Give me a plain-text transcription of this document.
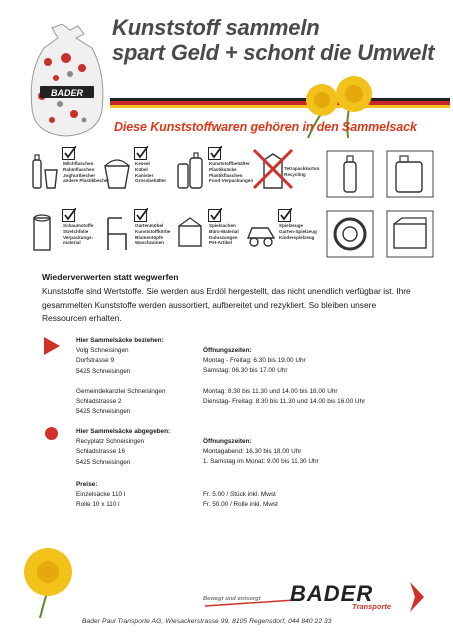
Kunststoff sammeln
spart Geld + schont die Umwelt
BADER
Diese Kunststoffwaren gehören in den Sammelsack
Milchflaschen
Rahmflaschen
Joghurtbecher
andere Plastikbecher
Kessel
Kübel
Kanister
Grossbehälter
Kunststoffbehälter
Plastiksäcke
Plastikflaschen
Food-Verpackungen
Tetrapackkarton
Recycling
Schaumstoffe
Stretchfolie
Verpackungs-
material
Gartenmöbel
Kunststoffkörbe
Blumentöpfe
Waschzainen
Spielsachen
Büro-Material
Duloszangen
Pet-Artikel
Spielzeuge
Garten-Spielzeug
Kinderspielzeug
Wiederverwerten statt wegwerfen
Kunststoffe sind Wertstoffe. Sie werden aus Erdöl hergestellt, das nicht unendlich verfügbar ist. Ihre gesammelten Kunststoffe werden aussortiert, aufbereitet und rezykliert. So bleiben unsere Ressourcen erhalten.
Hier Sammelsäcke beziehen:
Volg Schneisingen
Dorfstrasse 9
5425 Schneisingen

Gemeindekanzlei Schneisingen
Schladstrasse 2
5425 Schneisingen
Öffnungszeiten:
Montag - Freitag: 6.30 bis 19.00 Uhr
Samstag: 06.30 bis 17.00 Uhr

Montag: 8.30 bis 11.30 und 14.00 bis 18.00 Uhr
Dienstag- Freitag: 8.30 bis 11.30 und 14.00 bis 16.00 Uhr
Hier Sammelsäcke abgegeben:
Recyplatz Schneisingen
Schladstrasse 16
5425 Schneisingen
Öffnungszeiten:
Montagabend: 16.30 bis 18.00 Uhr
1. Samstag im Monat: 9.00 bis 11.30 Uhr
Preise:
Einzelsäcke 110 l
Rolle 10 x 110 l
Fr. 5.00 / Stück inkl. Mwst
Fr. 50.00 / Rolle inkl. Mwst
Bewegt und entsorgt BADER
Transporte
Bader Paul Transporte AG, Wiesackerstrasse 99, 8105 Regensdorf, 044 840 22 33
